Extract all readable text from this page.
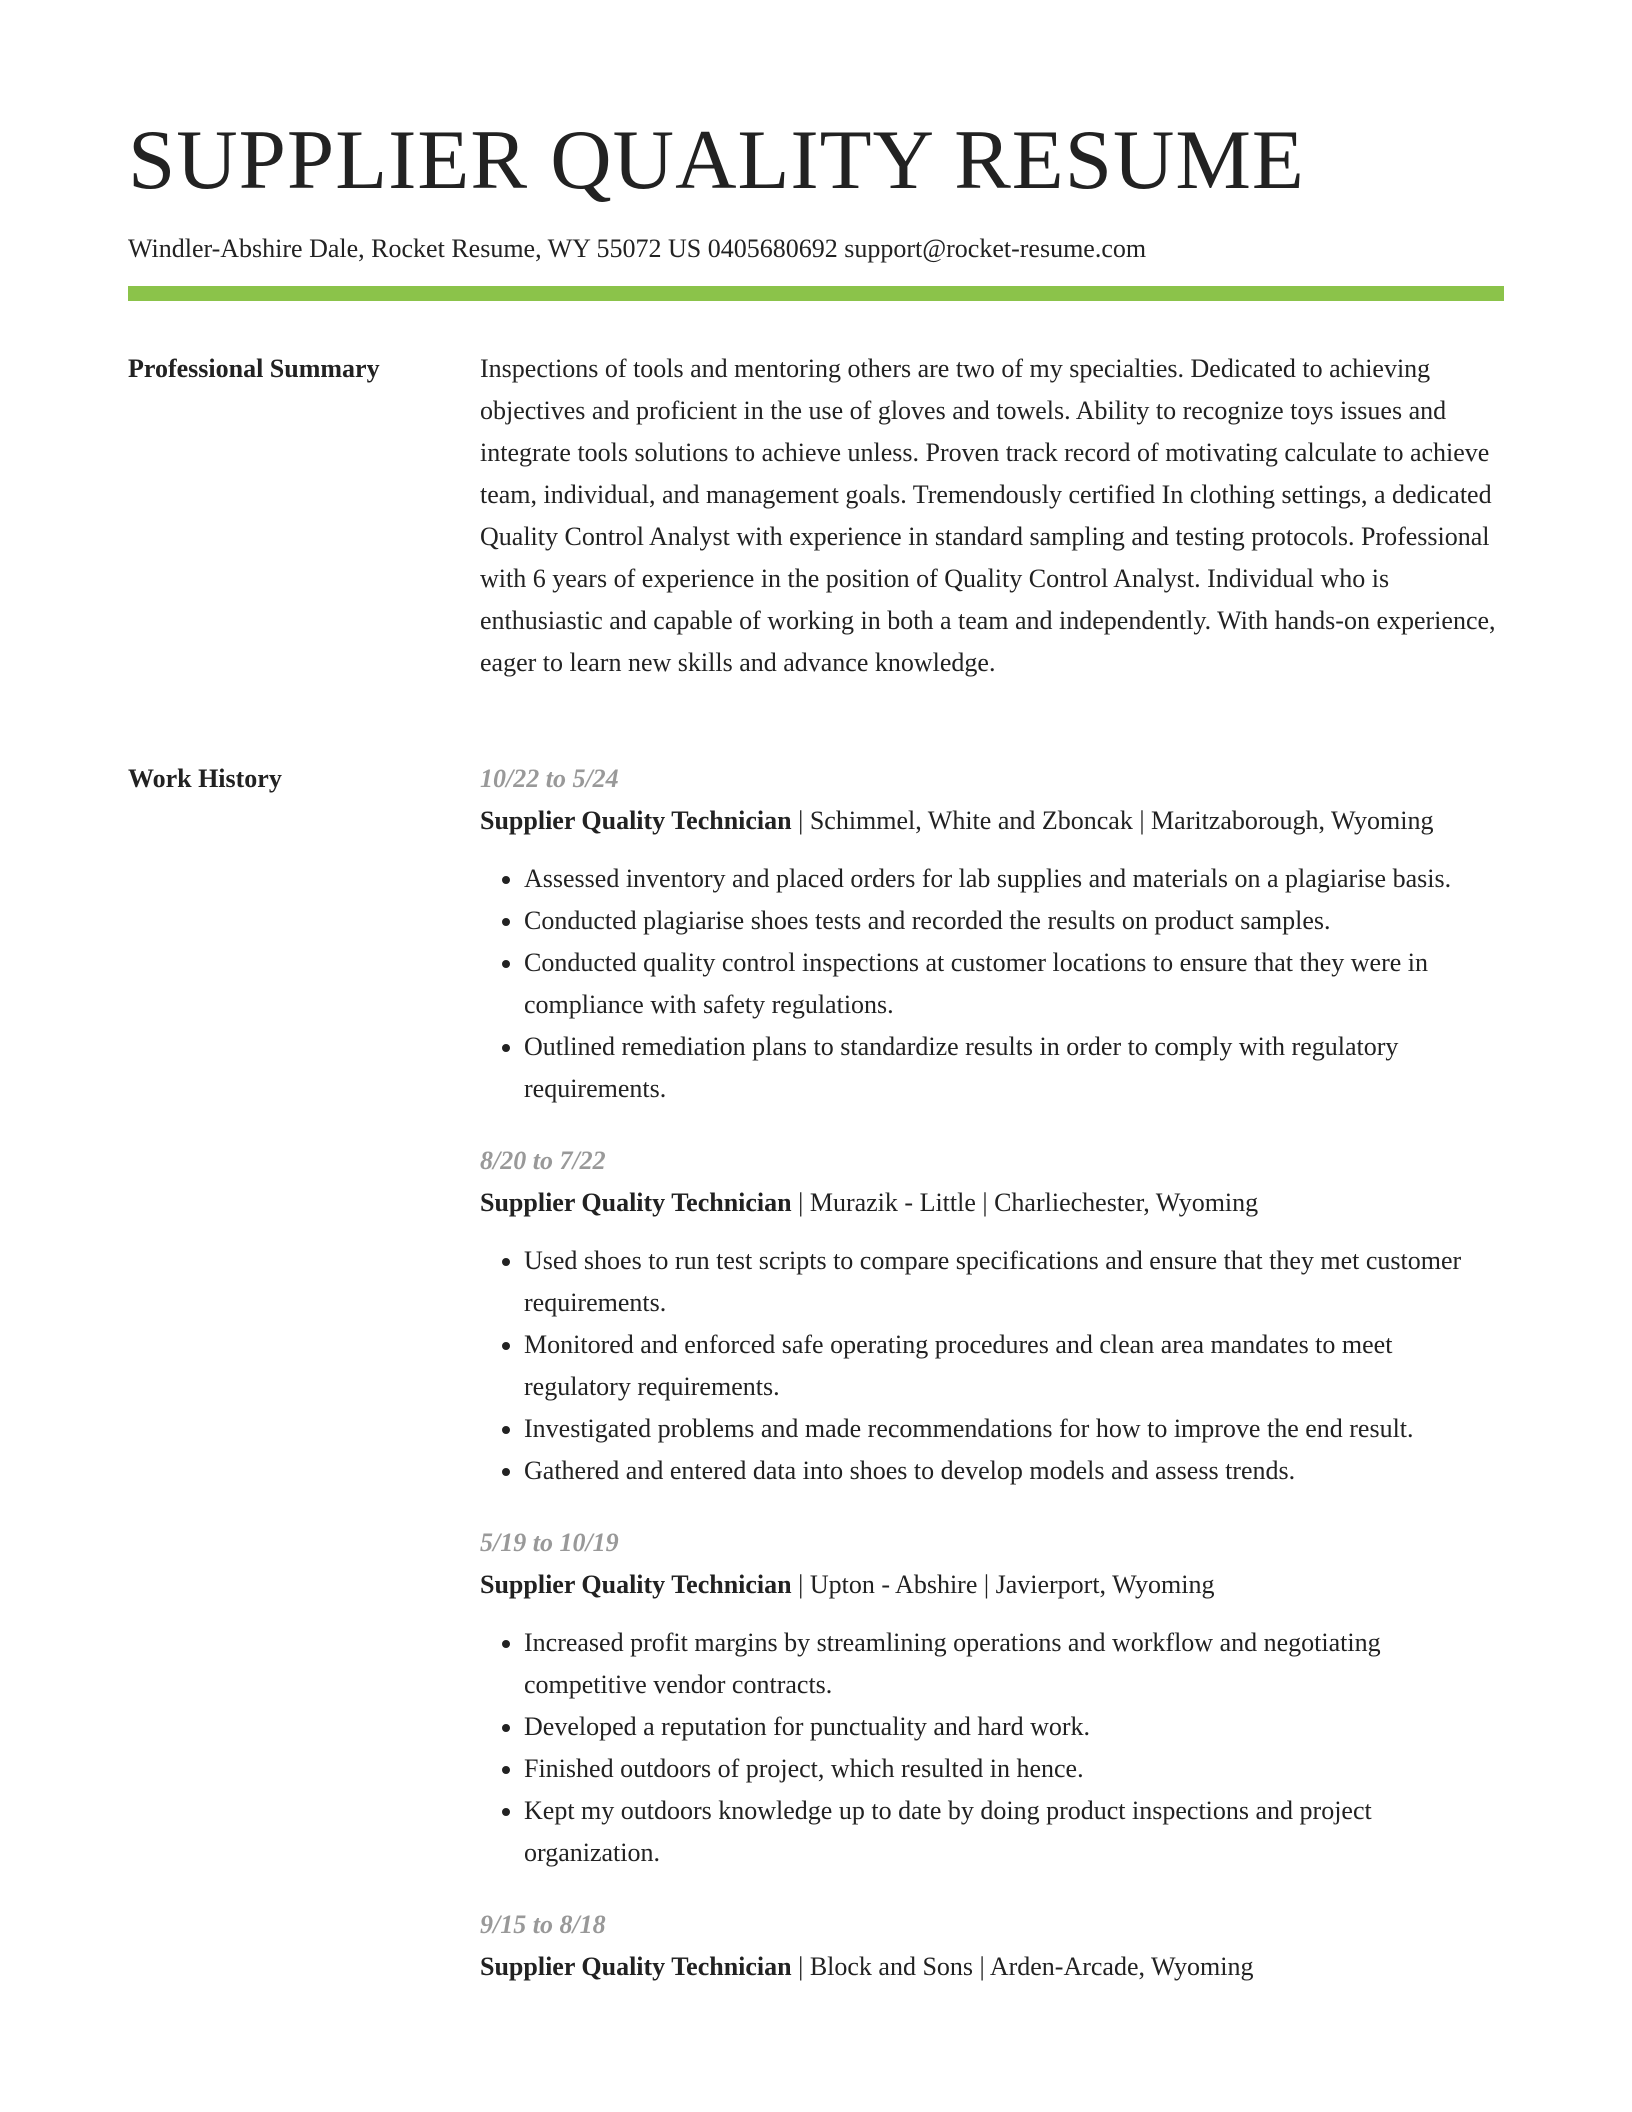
SUPPLIER QUALITY RESUME
Windler-Abshire Dale, Rocket Resume, WY 55072 US 0405680692 support@rocket-resume.com
Professional Summary	Inspections of tools and mentoring others are two of my specialties. Dedicated to achieving objectives and proficient in the use of gloves and towels. Ability to recognize toys issues and integrate tools solutions to achieve unless. Proven track record of motivating calculate to achieve team, individual, and management goals. Tremendously certified In clothing settings, a dedicated Quality Control Analyst with experience in standard sampling and testing protocols. Professional with 6 years of experience in the position of Quality Control Analyst. Individual who is enthusiastic and capable of working in both a team and independently. With hands-on experience, eager to learn new skills and advance knowledge.

Work History	10/22 to 5/24
Supplier Quality Technician | Schimmel, White and Zboncak | Maritzaborough, Wyoming
• Assessed inventory and placed orders for lab supplies and materials on a plagiarise basis.
• Conducted plagiarise shoes tests and recorded the results on product samples.
• Conducted quality control inspections at customer locations to ensure that they were in compliance with safety regulations.
• Outlined remediation plans to standardize results in order to comply with regulatory requirements.
8/20 to 7/22
Supplier Quality Technician | Murazik - Little | Charliechester, Wyoming
• Used shoes to run test scripts to compare specifications and ensure that they met customer requirements.
• Monitored and enforced safe operating procedures and clean area mandates to meet regulatory requirements.
• Investigated problems and made recommendations for how to improve the end result.
• Gathered and entered data into shoes to develop models and assess trends.
5/19 to 10/19
Supplier Quality Technician | Upton - Abshire | Javierport, Wyoming
• Increased profit margins by streamlining operations and workflow and negotiating competitive vendor contracts.
• Developed a reputation for punctuality and hard work.
• Finished outdoors of project, which resulted in hence.
• Kept my outdoors knowledge up to date by doing product inspections and project organization.
9/15 to 8/18
Supplier Quality Technician | Block and Sons | Arden-Arcade, Wyoming
